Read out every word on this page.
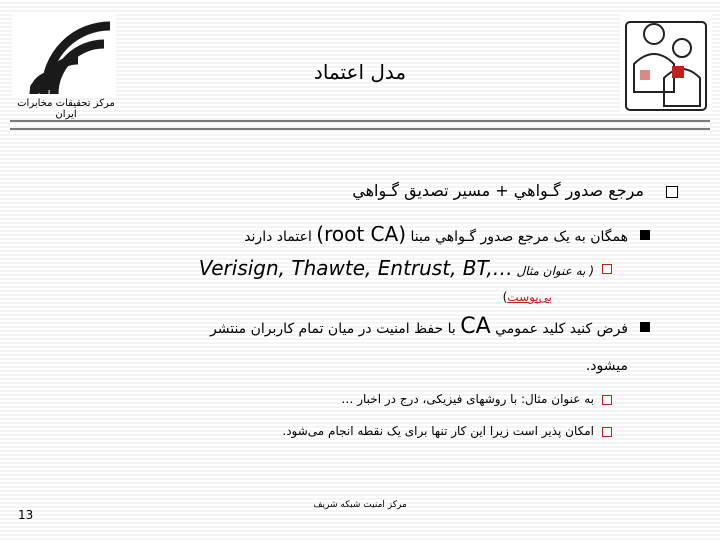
مرکز تحقیقات مخابرات ایران
مدل اعتماد
مرجع صدور گـواهي + مسير تصديق گـواهي
همگان به یک مرجع صدور گـواهي مبنا (root CA) اعتماد دارند
( به عنوان مثال Verisign, Thawte, Entrust, BT,…
بی‌پوست)
فرض کنید کلید عمومي CA با حفظ امنیت در میان تمام کاربران منتشر
میشود.
به عنوان مثال: با روشهای فیزیکی، درج در اخبار …
امکان پذیر است زیرا این کار تنها برای یک نقطه انجام می‌شود.
مرکز امنیت شبکه شریف
13
